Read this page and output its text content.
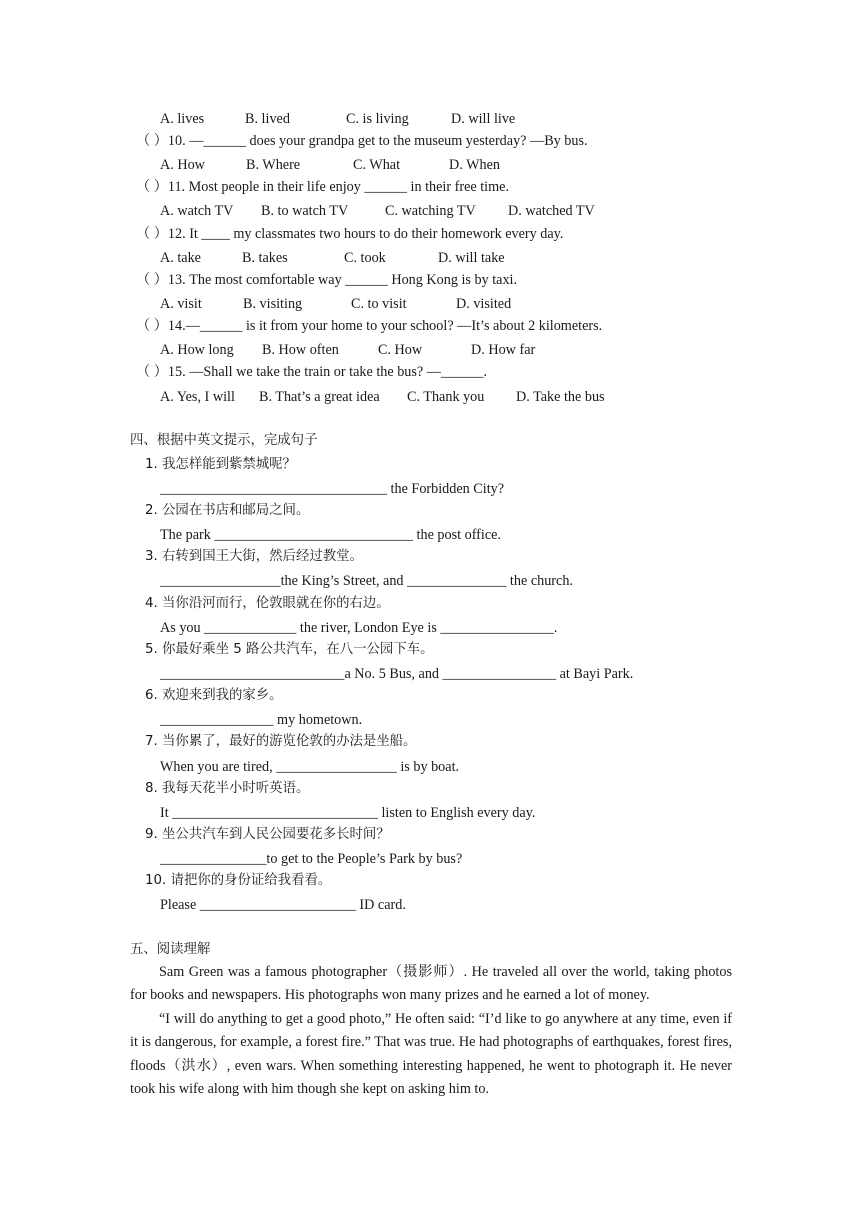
A. lives	B. lived	C. is living	D. will live
（ ）10. —______ does your grandpa get to the museum yesterday? —By bus.
A. How	B. Where	C. What	D. When
（ ）11. Most people in their life enjoy ______ in their free time.
A. watch TV B. to watch TV	C. watching TV D. watched TV
（ ）12. It ____ my classmates two hours to do their homework every day.
A. take	B. takes	C. took	D. will take
（ ）13. The most comfortable way ______ Hong Kong is by taxi.
A. visit	B. visiting	C. to visit	D. visited
（ ）14.—______ is it from your home to your school? —It’s about 2 kilometers.
A. How long B. How often	C. How	D. How far
（ ）15. —Shall we take the train or take the bus? —______.
A. Yes, I will B. That’s a great idea C. Thank you D. Take the bus
四、根据中英文提示，完成句子
1. 我怎样能到紫禁城呢？
________________________________ the Forbidden City?
2. 公园在书店和邮局之间。
The park ____________________________ the post office.
3. 右转到国王大街，然后经过教堂。
_________________the King’s Street, and ______________ the church.
4. 当你沿河而行，伦敦眼就在你的右边。
As you _____________ the river, London Eye is ________________.
5. 你最好乘坐 5 路公共汽车，在八一公园下车。
__________________________a No. 5 Bus, and ________________ at Bayi Park.
6. 欢迎来到我的家乡。
________________ my hometown.
7. 当你累了，最好的游览伦敦的办法是坐船。
When you are tired, _________________ is by boat.
8. 我每天花半小时听英语。
It _____________________________ listen to English every day.
9. 坐公共汽车到人民公园要花多长时间？
_______________to get to the People’s Park by bus?
10. 请把你的身份证给我看看。
Please ______________________ ID card.
五、阅读理解
Sam Green was a famous photographer（摄影师）. He traveled all over the world, taking photos for books and newspapers. His photographs won many prizes and he earned a lot of money.
“I will do anything to get a good photo,” He often said: “I’d like to go anywhere at any time, even if it is dangerous, for example, a forest fire.” That was true. He had photographs of earthquakes, forest fires, floods（洪水）, even wars. When something interesting happened, he went to photograph it. He never took his wife along with him though she kept on asking him to.
